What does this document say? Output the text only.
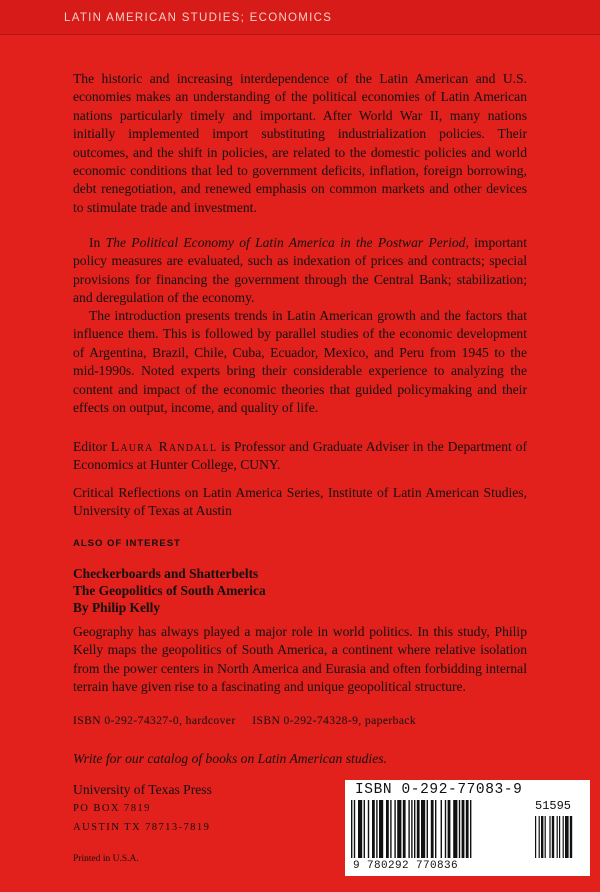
LATIN AMERICAN STUDIES; ECONOMICS

The historic and increasing interdependence of the Latin American and U.S. economies makes an understanding of the political economies of Latin American nations particularly timely and important. After World War II, many nations initially implemented import substituting industrialization policies. Their outcomes, and the shift in policies, are related to the domestic policies and world economic conditions that led to government deficits, inflation, foreign borrowing, debt renegotiation, and renewed emphasis on common markets and other devices to stimulate trade and investment.

In The Political Economy of Latin America in the Postwar Period, important policy measures are evaluated, such as indexation of prices and contracts; special provisions for financing the government through the Central Bank; stabilization; and deregulation of the economy.

The introduction presents trends in Latin American growth and the factors that influence them. This is followed by parallel studies of the economic development of Argentina, Brazil, Chile, Cuba, Ecuador, Mexico, and Peru from 1945 to the mid-1990s. Noted experts bring their considerable experience to analyzing the content and impact of the economic theories that guided policymaking and their effects on output, income, and quality of life.

Editor Laura Randall is Professor and Graduate Adviser in the Department of Economics at Hunter College, CUNY.

Critical Reflections on Latin America Series, Institute of Latin American Studies, University of Texas at Austin

ALSO OF INTEREST
Checkerboards and Shatterbelts
The Geopolitics of South America
By Philip Kelly

Geography has always played a major role in world politics. In this study, Philip Kelly maps the geopolitics of South America, a continent where relative isolation from the power centers in North America and Eurasia and often forbidding internal terrain have given rise to a fascinating and unique geopolitical structure.

ISBN 0-292-74327-0, hardcover ISBN 0-292-74328-9, paperback
Write for our catalog of books on Latin American studies.
University of Texas Press
PO BOX 7819
AUSTIN TX 78713-7819
Printed in U.S.A.
ISBN 0-292-77083-9
51595
9 780292 770836
